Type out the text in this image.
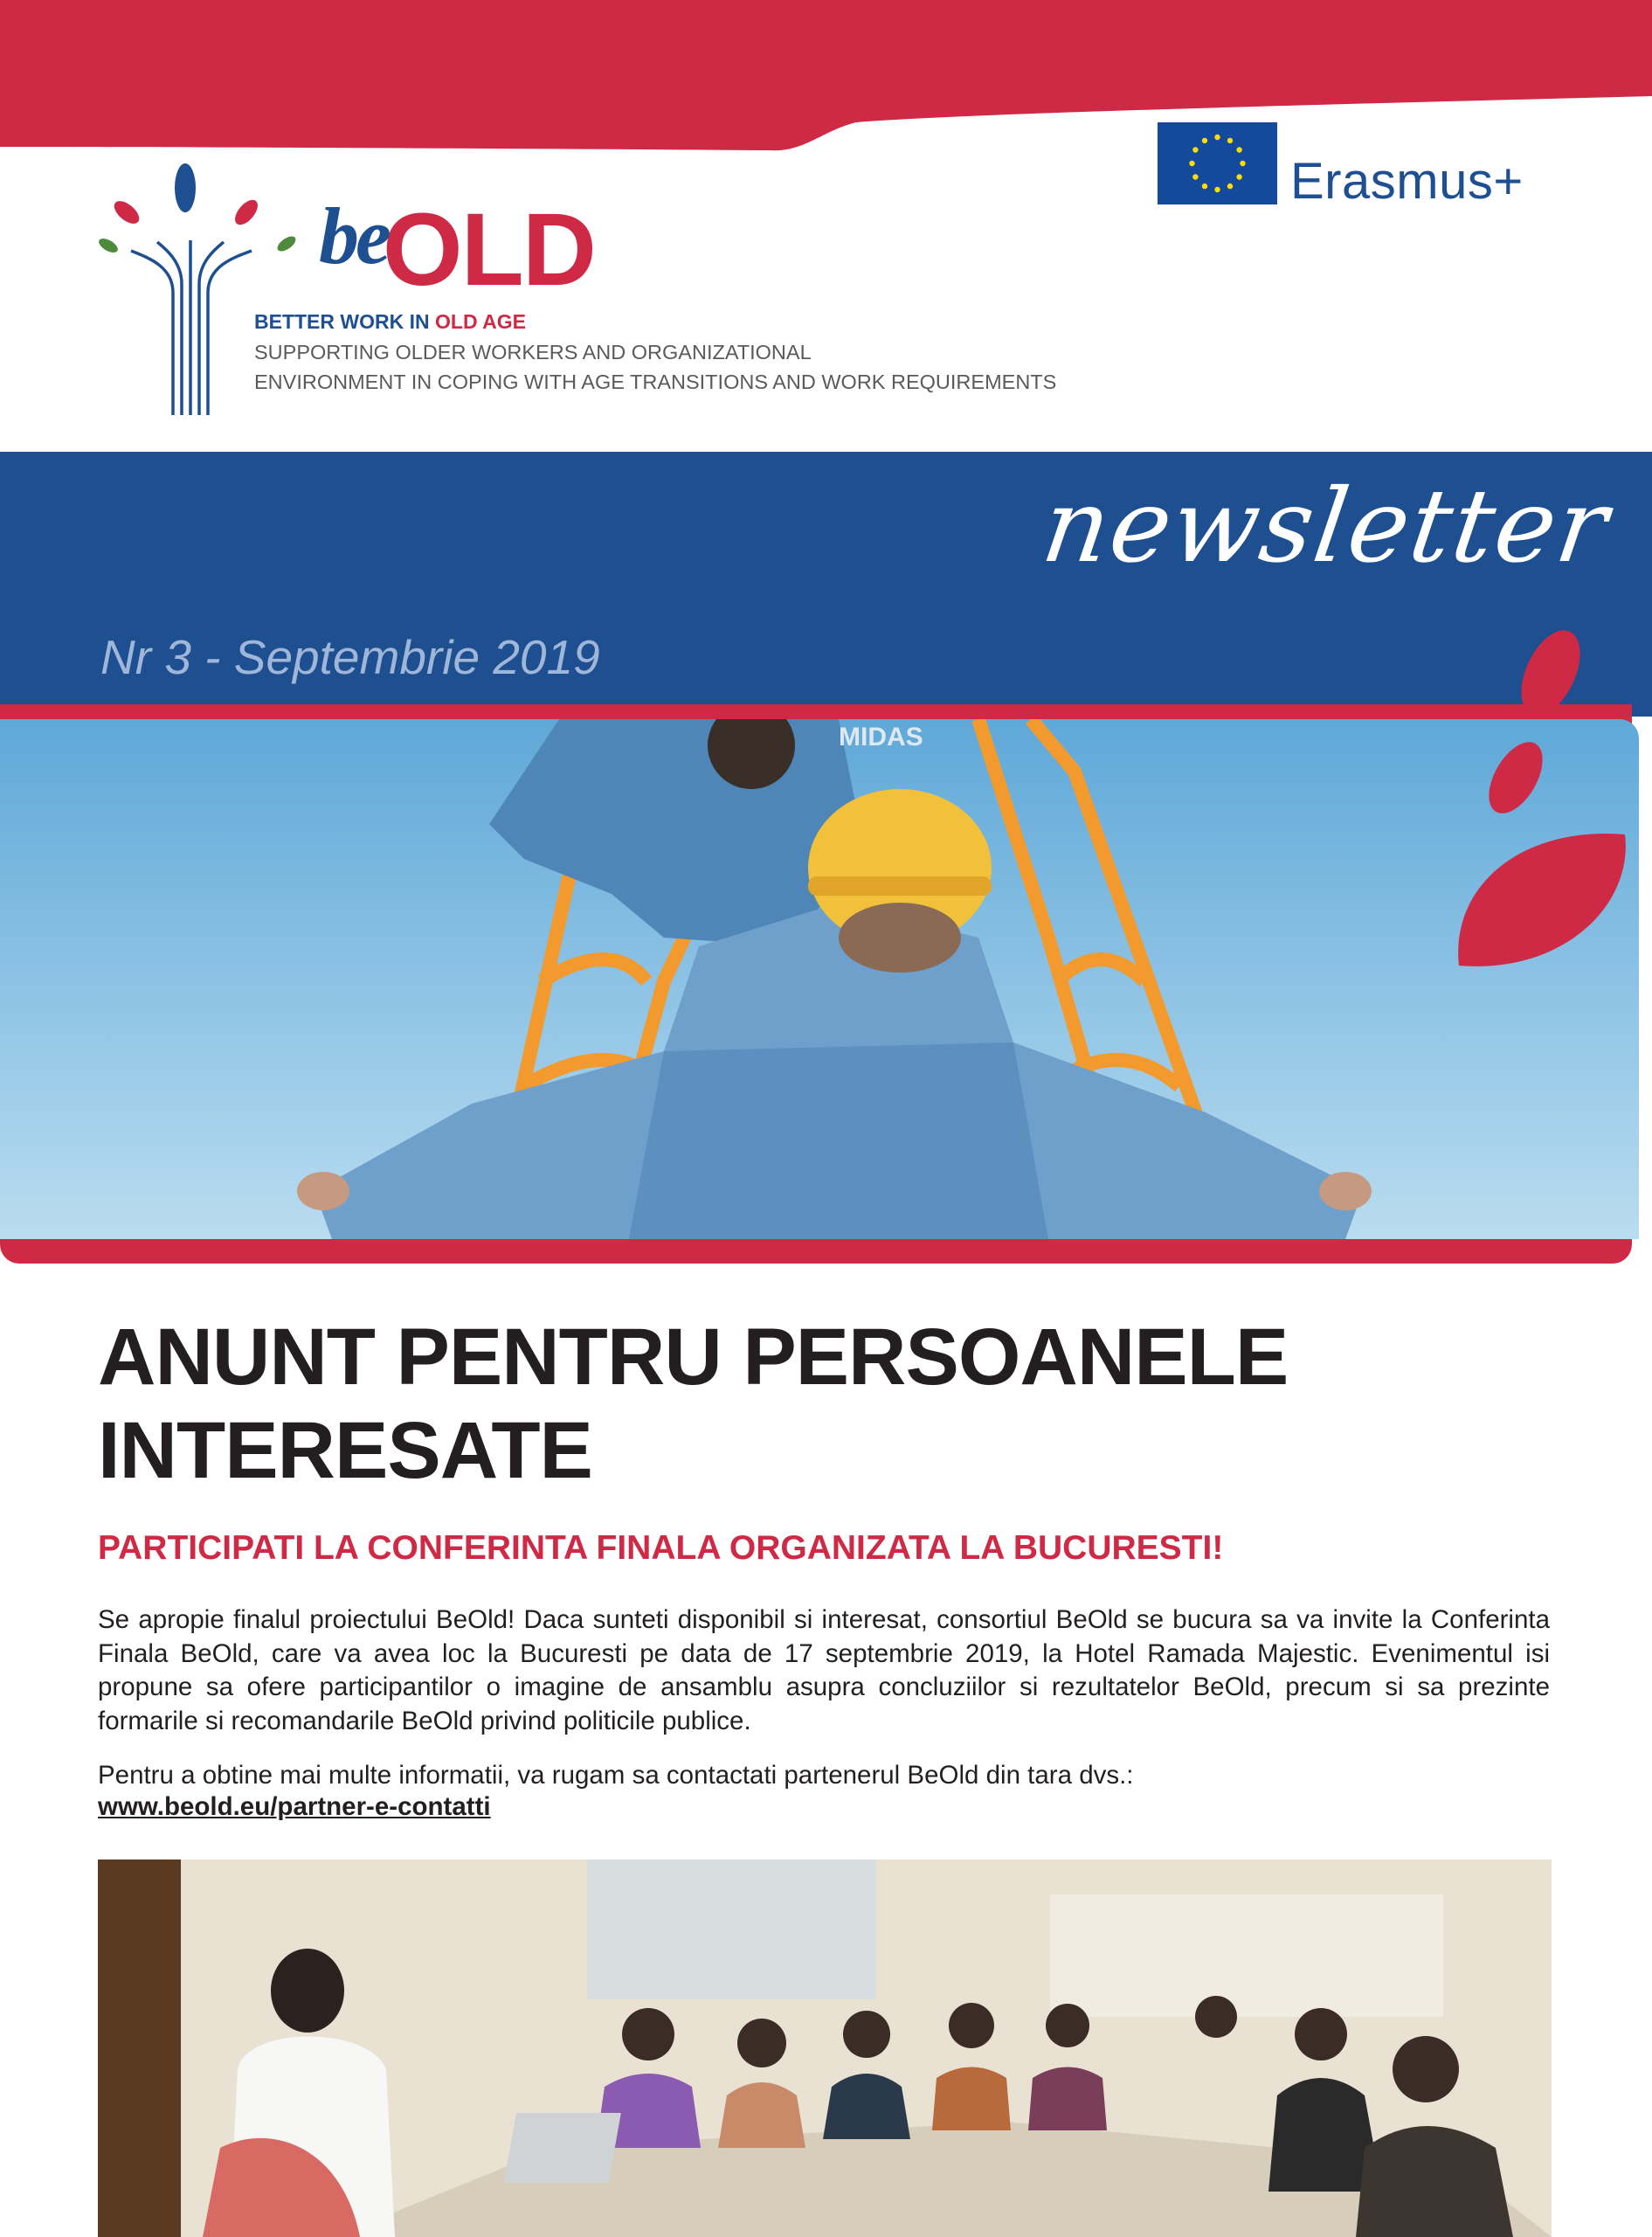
be
OLD
BETTER WORK IN OLD AGE
SUPPORTING OLDER WORKERS AND ORGANIZATIONAL
ENVIRONMENT IN COPING WITH AGE TRANSITIONS AND WORK REQUIREMENTS
Erasmus+
newsletter
Nr 3 - Septembrie 2019
MIDAS
ANUNT PENTRU PERSOANELE INTERESATE
PARTICIPATI LA CONFERINTA FINALA ORGANIZATA LA BUCURESTI!

Se apropie finalul proiectului BeOld! Daca sunteti disponibil si interesat, consortiul BeOld se bucura sa va invite la Conferinta Finala BeOld, care va avea loc la Bucuresti pe data de 17 septembrie 2019, la Hotel Ramada Majestic. Evenimentul isi propune sa ofere participantilor o imagine de ansamblu asupra concluziilor si rezultatelor BeOld, precum si sa prezinte formarile si recomandarile BeOld privind politicile publice.

Pentru a obtine mai multe informatii, va rugam sa contactati partenerul BeOld din tara dvs.:

www.beold.eu/partner-e-contatti
